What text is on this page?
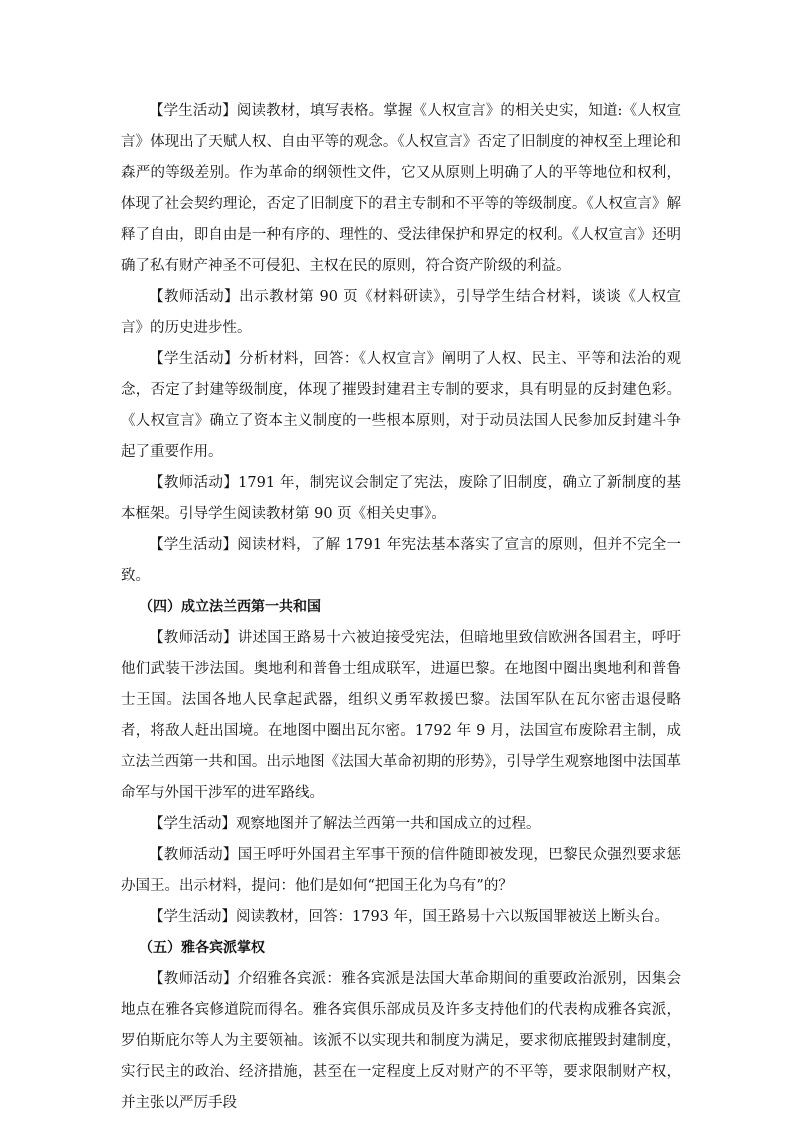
【学生活动】阅读教材，填写表格。掌握《人权宣言》的相关史实，知道:《人权宣言》体现出了天赋人权、自由平等的观念。《人权宣言》否定了旧制度的神权至上理论和森严的等级差别。作为革命的纲领性文件，它又从原则上明确了人的平等地位和权利，体现了社会契约理论，否定了旧制度下的君主专制和不平等的等级制度。《人权宣言》解释了自由，即自由是一种有序的、理性的、受法律保护和界定的权利。《人权宣言》还明确了私有财产神圣不可侵犯、主权在民的原则，符合资产阶级的利益。

【教师活动】出示教材第 90 页《材料研读》，引导学生结合材料，谈谈《人权宣言》的历史进步性。

【学生活动】分析材料，回答：《人权宣言》阐明了人权、民主、平等和法治的观念，否定了封建等级制度，体现了摧毁封建君主专制的要求，具有明显的反封建色彩。《人权宣言》确立了资本主义制度的一些根本原则，对于动员法国人民参加反封建斗争起了重要作用。

【教师活动】1791 年，制宪议会制定了宪法，废除了旧制度，确立了新制度的基本框架。引导学生阅读教材第 90 页《相关史事》。

【学生活动】阅读材料，了解 1791 年宪法基本落实了宣言的原则，但并不完全一致。

（四）成立法兰西第一共和国

【教师活动】讲述国王路易十六被迫接受宪法，但暗地里致信欧洲各国君主，呼吁他们武装干涉法国。奥地利和普鲁士组成联军，进逼巴黎。在地图中圈出奥地利和普鲁士王国。法国各地人民拿起武器，组织义勇军救援巴黎。法国军队在瓦尔密击退侵略者，将敌人赶出国境。在地图中圈出瓦尔密。1792 年 9 月，法国宣布废除君主制，成立法兰西第一共和国。出示地图《法国大革命初期的形势》，引导学生观察地图中法国革命军与外国干涉军的进军路线。

【学生活动】观察地图并了解法兰西第一共和国成立的过程。

【教师活动】国王呼吁外国君主军事干预的信件随即被发现，巴黎民众强烈要求惩办国王。出示材料，提问：他们是如何“把国王化为乌有”的？

【学生活动】阅读教材，回答：1793 年，国王路易十六以叛国罪被送上断头台。

（五）雅各宾派掌权

【教师活动】介绍雅各宾派：雅各宾派是法国大革命期间的重要政治派别，因集会地点在雅各宾修道院而得名。雅各宾俱乐部成员及许多支持他们的代表构成雅各宾派，罗伯斯庇尔等人为主要领袖。该派不以实现共和制度为满足，要求彻底摧毁封建制度，实行民主的政治、经济措施，甚至在一定程度上反对财产的不平等，要求限制财产权，并主张以严厉手段
